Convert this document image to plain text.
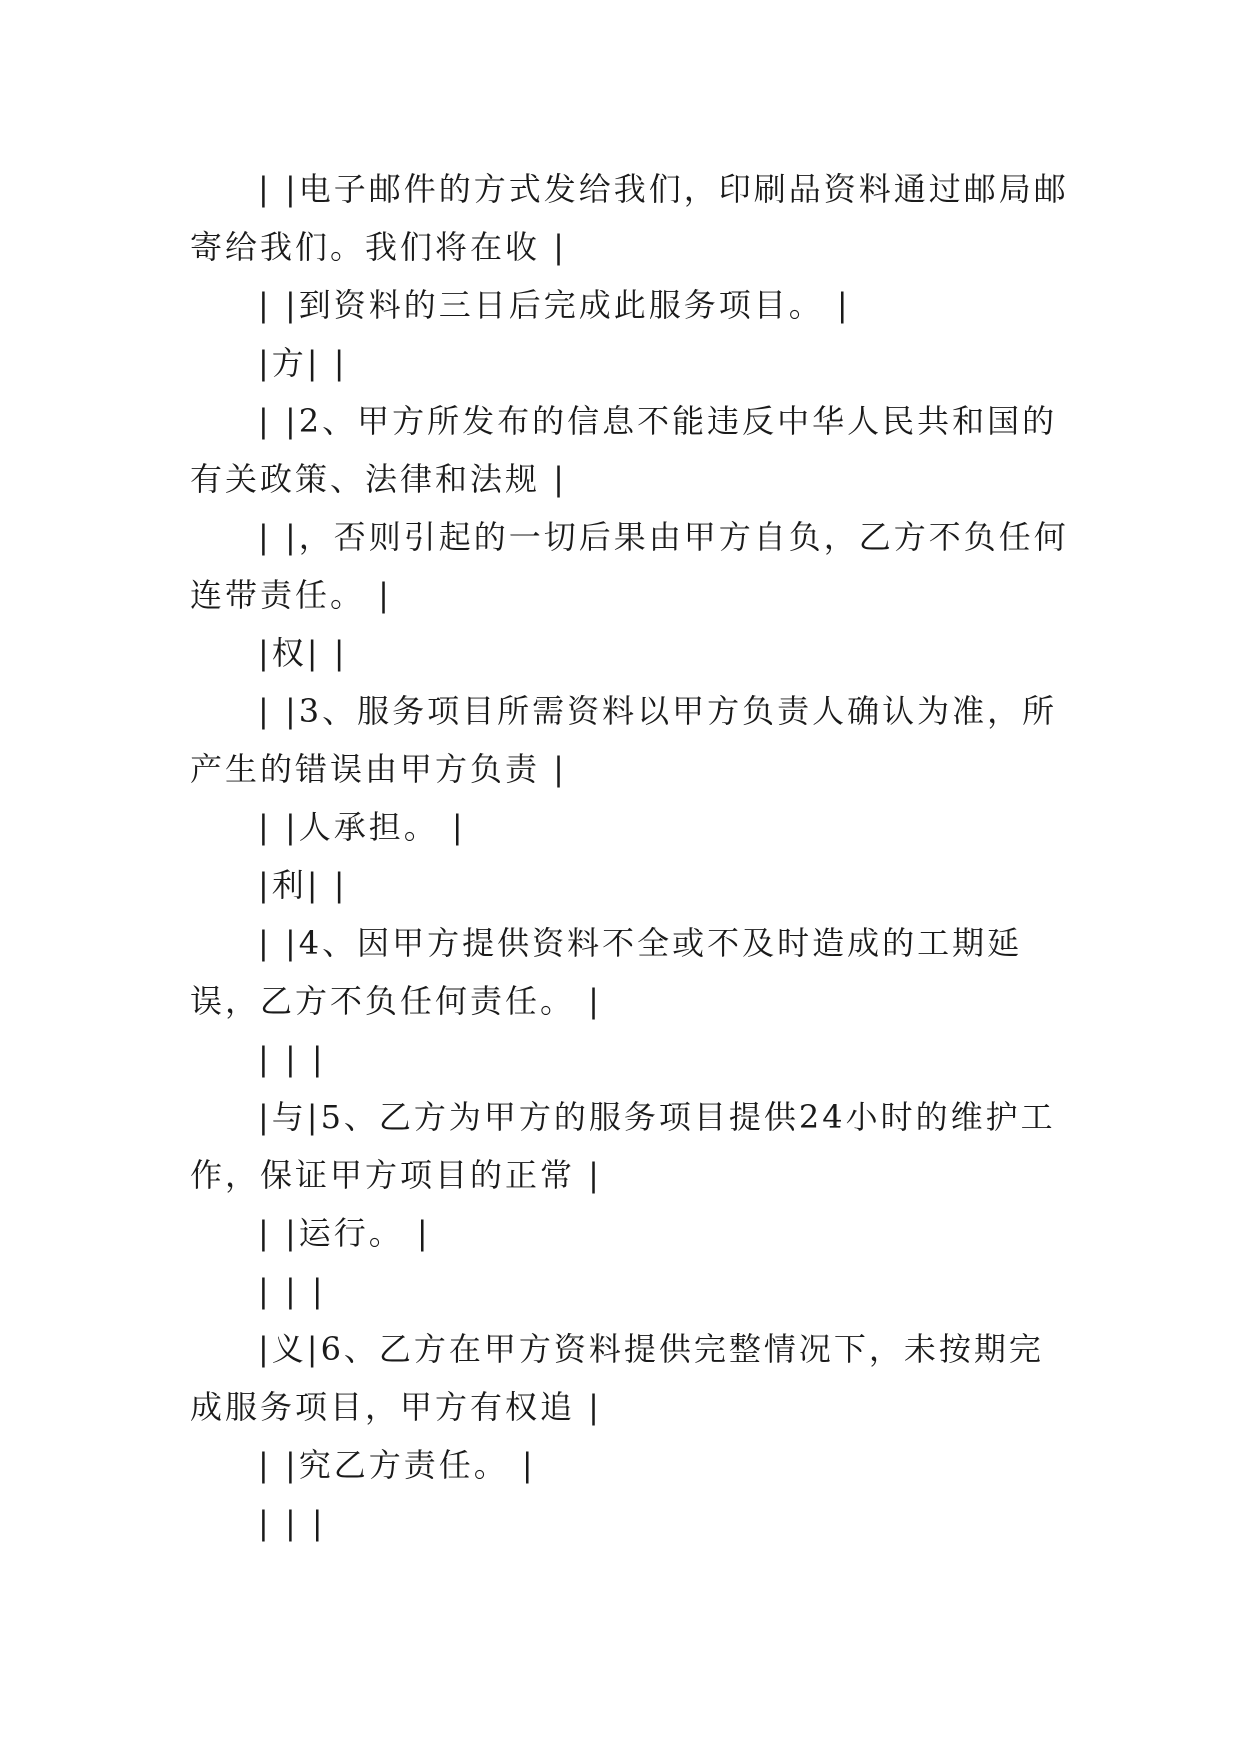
| |电子邮件的方式发给我们，印刷品资料通过邮局邮寄给我们。我们将在收 |

| |到资料的三日后完成此服务项目。 |

|方| |

| |2、甲方所发布的信息不能违反中华人民共和国的有关政策、法律和法规 |

| |，否则引起的一切后果由甲方自负，乙方不负任何连带责任。 |

|权| |

| |3、服务项目所需资料以甲方负责人确认为准，所产生的错误由甲方负责 |

| |人承担。 |

|利| |

| |4、因甲方提供资料不全或不及时造成的工期延误，乙方不负任何责任。 |

| | |

|与|5、乙方为甲方的服务项目提供24小时的维护工作，保证甲方项目的正常 |

| |运行。 |

| | |

|义|6、乙方在甲方资料提供完整情况下，未按期完成服务项目，甲方有权追 |

| |究乙方责任。 |

| | |
